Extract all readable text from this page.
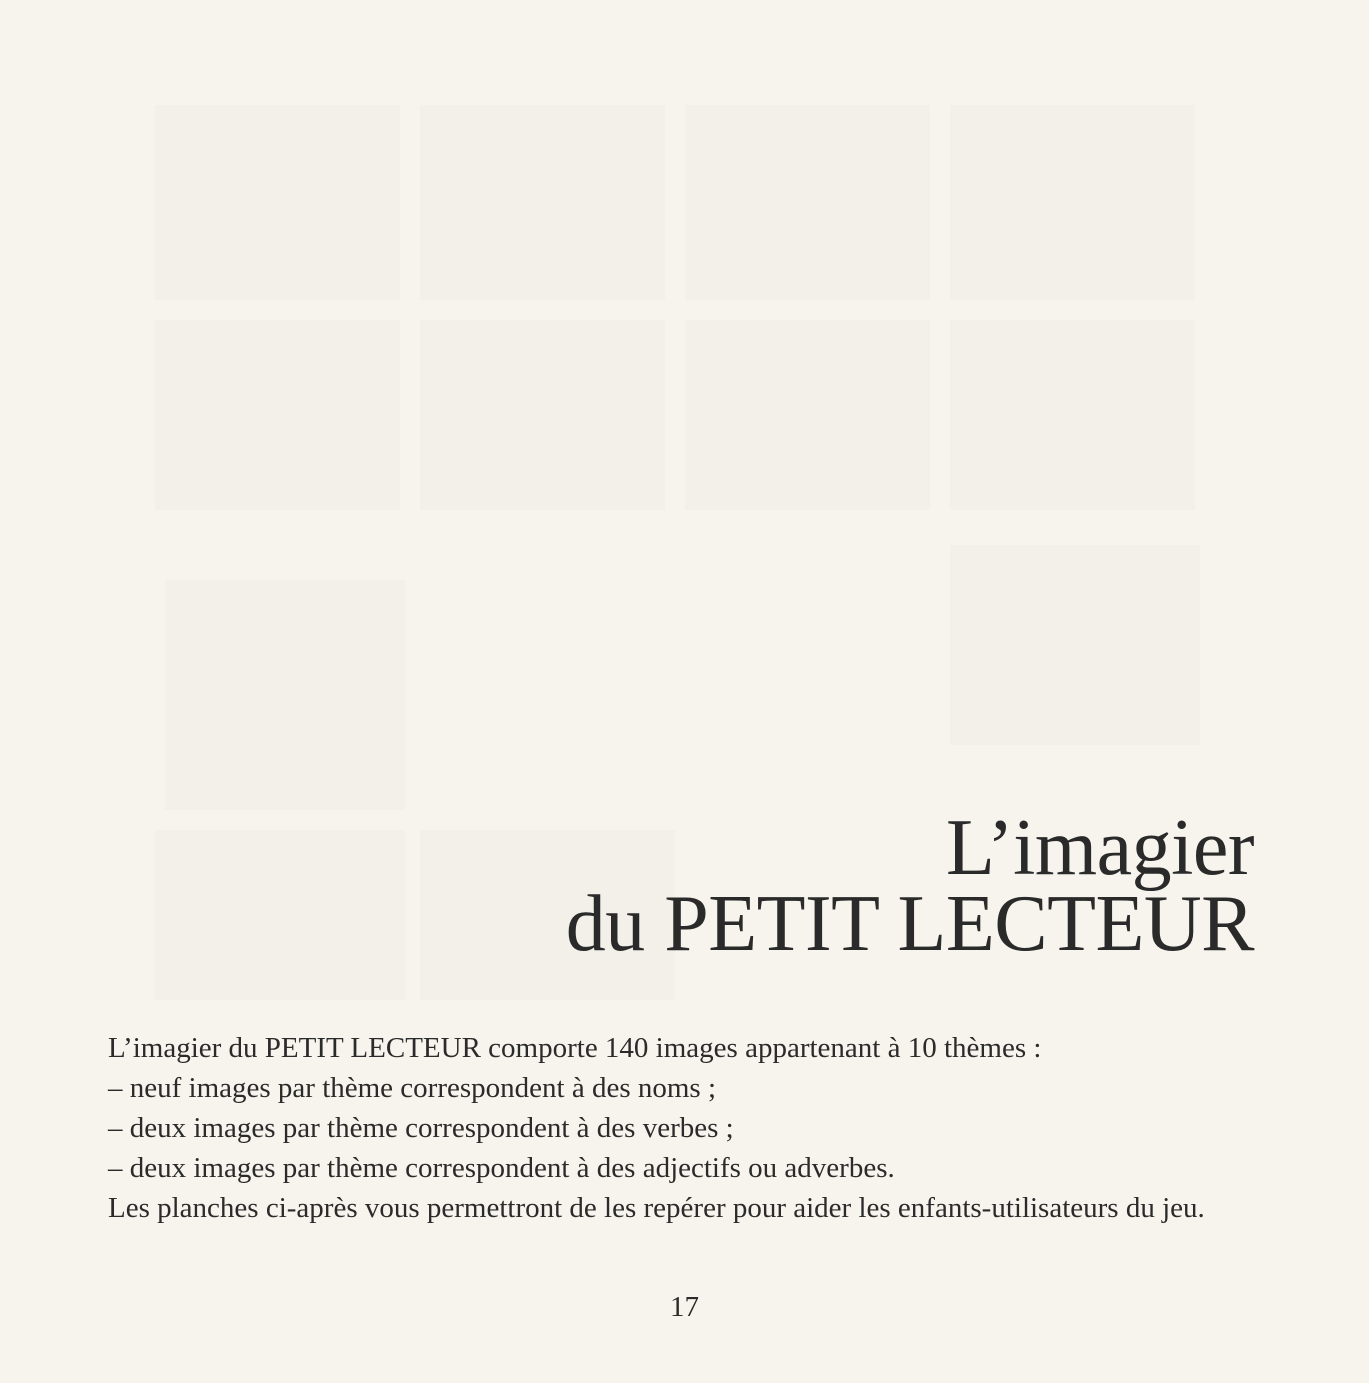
L’imagier
du PETIT LECTEUR

L’imagier du PETIT LECTEUR comporte 140 images appartenant à 10 thèmes :

– neuf images par thème correspondent à des noms ;

– deux images par thème correspondent à des verbes ;

– deux images par thème correspondent à des adjectifs ou adverbes.

Les planches ci-après vous permettront de les repérer pour aider les enfants-utilisateurs du jeu.

17
